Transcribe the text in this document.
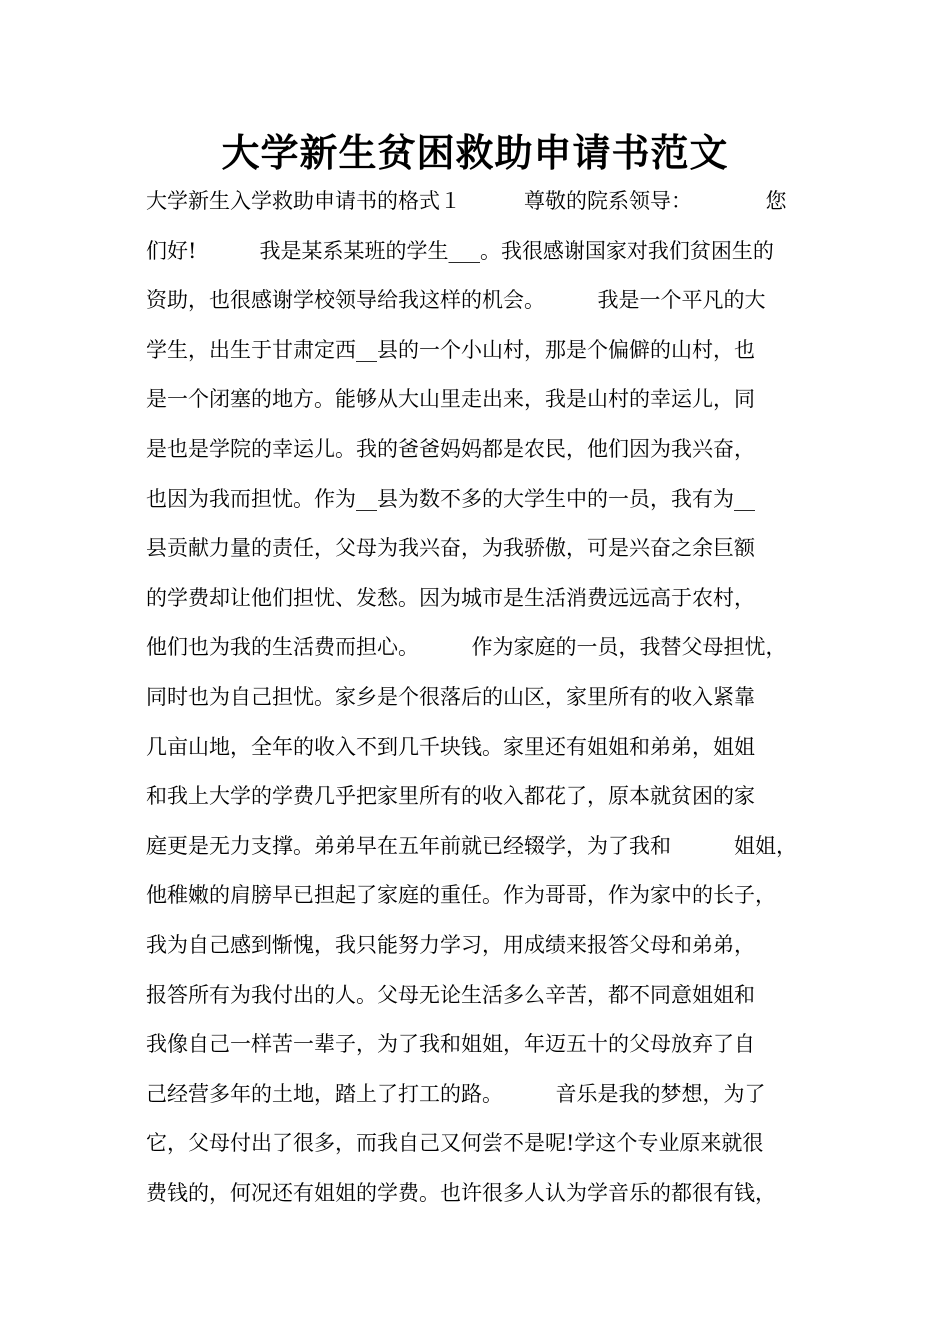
大学新生贫困救助申请书范文
大学新生入学救助申请书的格式１　　　尊敬的院系领导：　　　　您
们好!　　　我是某系某班的学生___。我很感谢国家对我们贫困生的
资助，也很感谢学校领导给我这样的机会。　　　我是一个平凡的大
学生，出生于甘肃定西__县的一个小山村，那是个偏僻的山村，也
是一个闭塞的地方。能够从大山里走出来，我是山村的幸运儿，同
是也是学院的幸运儿。我的爸爸妈妈都是农民，他们因为我兴奋，
也因为我而担忧。作为__县为数不多的大学生中的一员，我有为__
县贡献力量的责任，父母为我兴奋，为我骄傲，可是兴奋之余巨额
的学费却让他们担忧、发愁。因为城市是生活消费远远高于农村，
他们也为我的生活费而担心。　　　作为家庭的一员，我替父母担忧，
同时也为自己担忧。家乡是个很落后的山区，家里所有的收入紧靠
几亩山地，全年的收入不到几千块钱。家里还有姐姐和弟弟，姐姐
和我上大学的学费几乎把家里所有的收入都花了，原本就贫困的家
庭更是无力支撑。弟弟早在五年前就已经辍学，为了我和　　　姐姐，
他稚嫩的肩膀早已担起了家庭的重任。作为哥哥，作为家中的长子，
我为自己感到惭愧，我只能努力学习，用成绩来报答父母和弟弟，
报答所有为我付出的人。父母无论生活多么辛苦，都不同意姐姐和
我像自己一样苦一辈子，为了我和姐姐，年迈五十的父母放弃了自
己经营多年的土地，踏上了打工的路。　　　音乐是我的梦想，为了
它，父母付出了很多，而我自己又何尝不是呢!学这个专业原来就很
费钱的，何况还有姐姐的学费。也许很多人认为学音乐的都很有钱，
